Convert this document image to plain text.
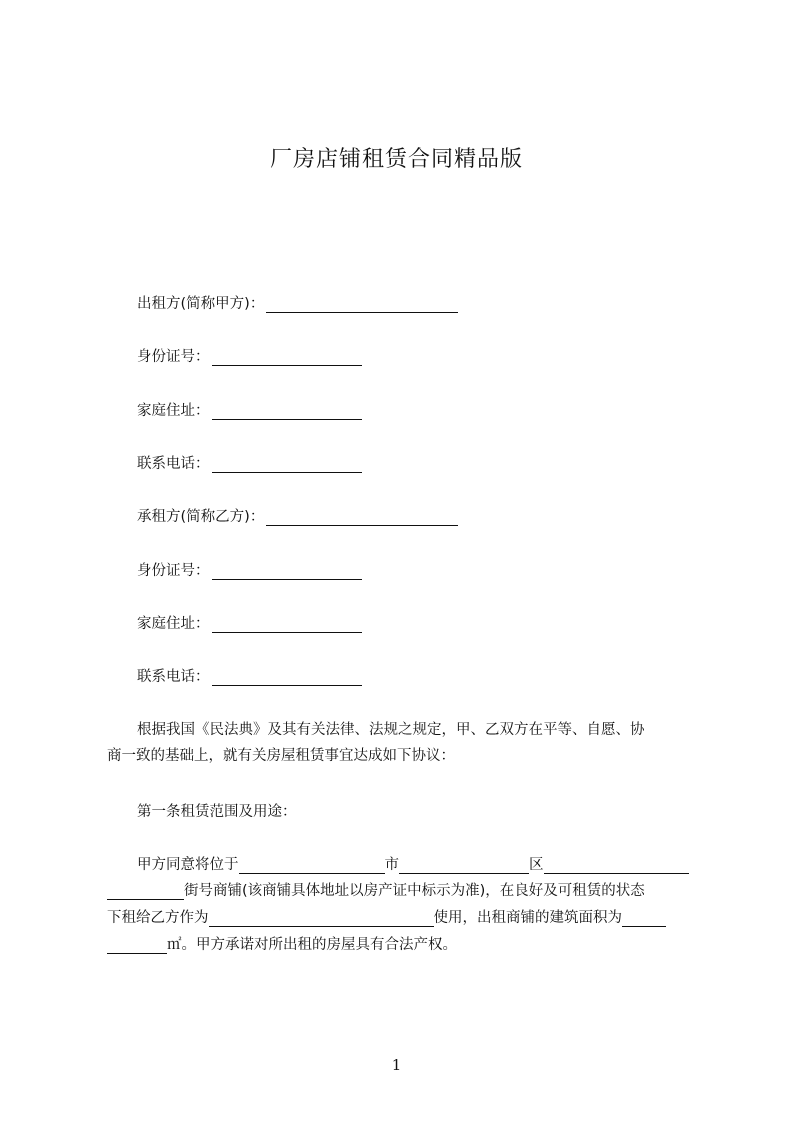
厂房店铺租赁合同精品版
出租方(简称甲方)：
身份证号：
家庭住址：
联系电话：
承租方(简称乙方)：
身份证号：
家庭住址：
联系电话：
根据我国《民法典》及其有关法律、法规之规定，甲、乙双方在平等、自愿、协
商一致的基础上，就有关房屋租赁事宜达成如下协议：
第一条租赁范围及用途：
甲方同意将位于	市	区
街号商铺(该商铺具体地址以房产证中标示为准)，在良好及可租赁的状态
下租给乙方作为	使用，出租商铺的建筑面积为
㎡。甲方承诺对所出租的房屋具有合法产权。
1
